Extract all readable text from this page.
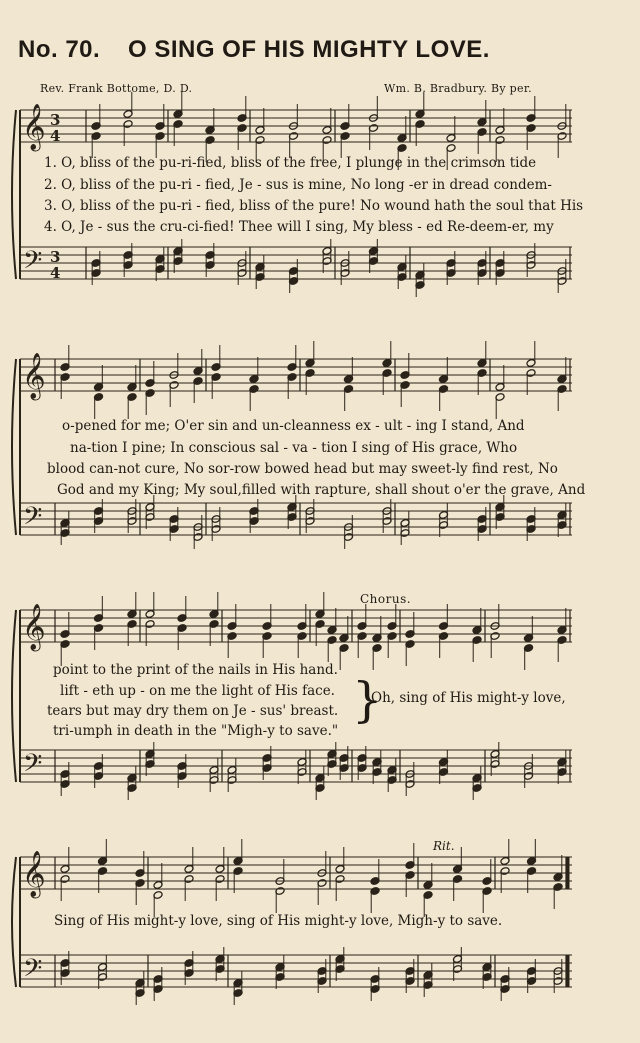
No. 70. O SING OF HIS MIGHTY LOVE.
Rev. Frank Bottome, D. D.	Wm. B. Bradbury. By per.
𝄞
𝄢
3
4
3
4
𝄞
𝄢
𝄞
𝄢
𝄞
𝄢
1. O, bliss of the pu-ri-fied, bliss of the free, I plunge in the crimson tide
2. O, bliss of the pu-ri - fied, Je - sus is mine, No long -er in dread condem-
3. O, bliss of the pu-ri - fied, bliss of the pure! No wound hath the soul that His
4. O, Je - sus the cru-ci-fied! Thee will I sing, My bless - ed Re-deem-er, my
o-pened for me; O'er sin and un-cleanness ex - ult - ing I stand, And
na-tion I pine; In conscious sal - va - tion I sing of His grace, Who
blood can-not cure, No sor-row bowed head but may sweet-ly find rest, No
God and my King; My soul,filled with rapture, shall shout o'er the grave, And
Chorus.
point to the print of the nails in His hand.
lift - eth up - on me the light of His face.
tears but may dry them on Je - sus' breast.
tri-umph in death in the "Migh-y to save."
}
Oh, sing of His might-y love,
Rit.
Sing of His might-y love, sing of His might-y love, Migh-y to save.
